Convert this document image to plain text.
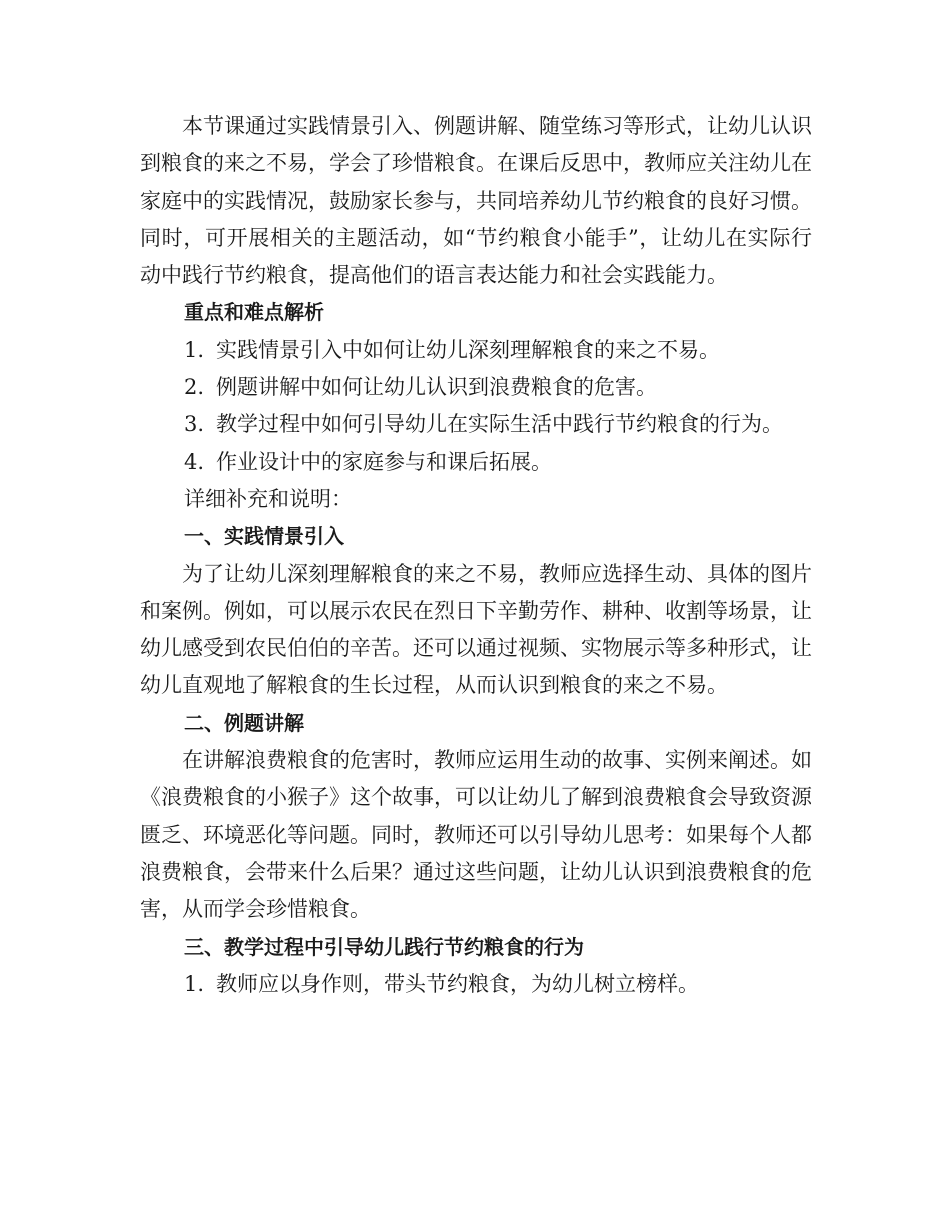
本节课通过实践情景引入、例题讲解、随堂练习等形式，让幼儿认识到粮食的来之不易，学会了珍惜粮食。在课后反思中，教师应关注幼儿在家庭中的实践情况，鼓励家长参与，共同培养幼儿节约粮食的良好习惯。同时，可开展相关的主题活动，如“节约粮食小能手”，让幼儿在实际行动中践行节约粮食，提高他们的语言表达能力和社会实践能力。

重点和难点解析
1. 实践情景引入中如何让幼儿深刻理解粮食的来之不易。
2. 例题讲解中如何让幼儿认识到浪费粮食的危害。
3. 教学过程中如何引导幼儿在实际生活中践行节约粮食的行为。
4. 作业设计中的家庭参与和课后拓展。
详细补充和说明：
一、实践情景引入

为了让幼儿深刻理解粮食的来之不易，教师应选择生动、具体的图片和案例。例如，可以展示农民在烈日下辛勤劳作、耕种、收割等场景，让幼儿感受到农民伯伯的辛苦。还可以通过视频、实物展示等多种形式，让幼儿直观地了解粮食的生长过程，从而认识到粮食的来之不易。

二、例题讲解

在讲解浪费粮食的危害时，教师应运用生动的故事、实例来阐述。如《浪费粮食的小猴子》这个故事，可以让幼儿了解到浪费粮食会导致资源匮乏、环境恶化等问题。同时，教师还可以引导幼儿思考：如果每个人都浪费粮食，会带来什么后果？通过这些问题，让幼儿认识到浪费粮食的危害，从而学会珍惜粮食。

三、教学过程中引导幼儿践行节约粮食的行为
1. 教师应以身作则，带头节约粮食，为幼儿树立榜样。
